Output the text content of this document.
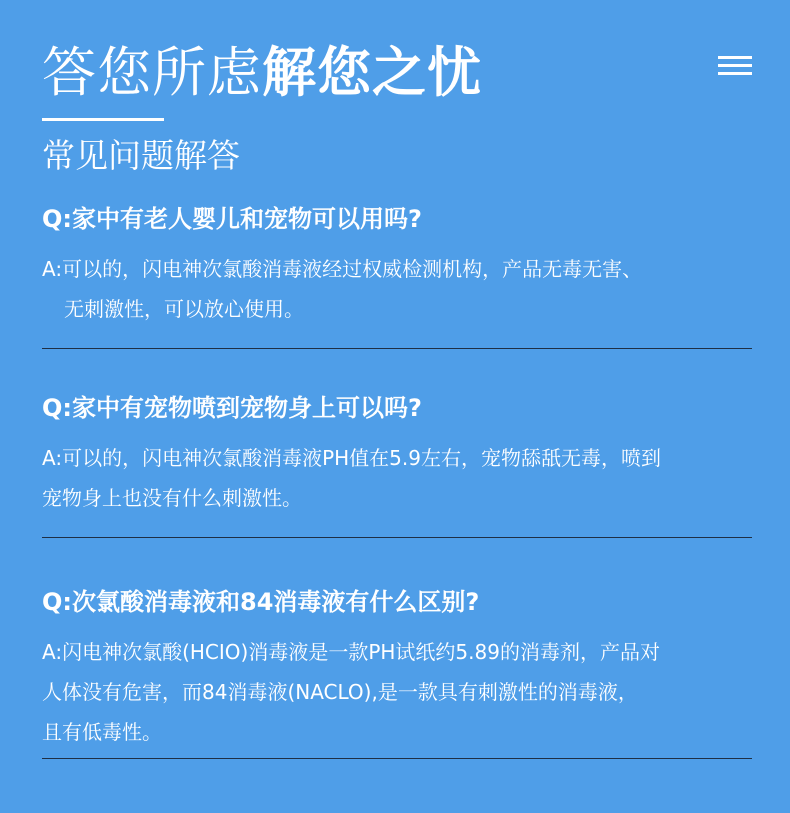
答您所虑解您之忧
常见问题解答
Q:家中有老人婴儿和宠物可以用吗?
A:可以的，闪电神次氯酸消毒液经过权威检测机构，产品无毒无害、
无刺激性，可以放心使用。
Q:家中有宠物喷到宠物身上可以吗?
A:可以的，闪电神次氯酸消毒液PH值在5.9左右，宠物舔舐无毒，喷到
宠物身上也没有什么刺激性。
Q:次氯酸消毒液和84消毒液有什么区别?
A:闪电神次氯酸(HCIO)消毒液是一款PH试纸约5.89的消毒剂，产品对
人体没有危害，而84消毒液(NACLO),是一款具有刺激性的消毒液，
且有低毒性。
